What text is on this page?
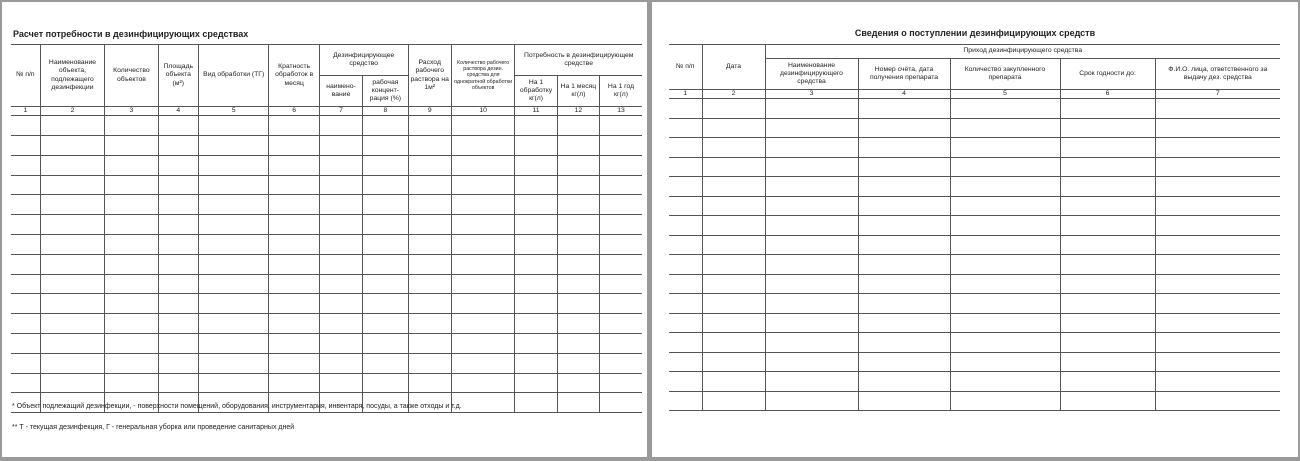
Расчет потребности в дезинфицирующих средствах
№ п/п	Наименование объекта, подлежащего дезинфекции	Количество объектов	Площадь объекта (м²)	Вид обработки (ТГ)	Кратность обработок в месяц	Дезинфицирующее средство		Расход рабочего раствора на 1м²	Количество рабочего раствора дезин. средства для однократной обработки объектов	Потребность в дезинфицирующем средстве		
						наимено-вание	рабочая концент-рация (%)			На 1 обработку кг(л)	На 1 месяц кг(л)	На 1 год кг(л)
1	2	3	4	5	6	7	8	9	10	11	12	13

* Объект подлежащий дезинфекции, - поверхности помещений, оборудования, инструментария, инвентаря, посуды, а также отходы и т.д.
** Т - текущая дезинфекция, Г - генеральная уборка или проведение санитарных дней
Сведения о поступлении дезинфицирующих средств
№ п/п	Дата	Приход дезинфицирующего средства				
		Наименование дезинфицирующего средства	Номер счёта, дата получения препарата	Количество закупленного препарата	Срок годности до:	Ф.И.О. лица, ответственного за выдачу дез. средства
1	2	3	4	5	6	7
